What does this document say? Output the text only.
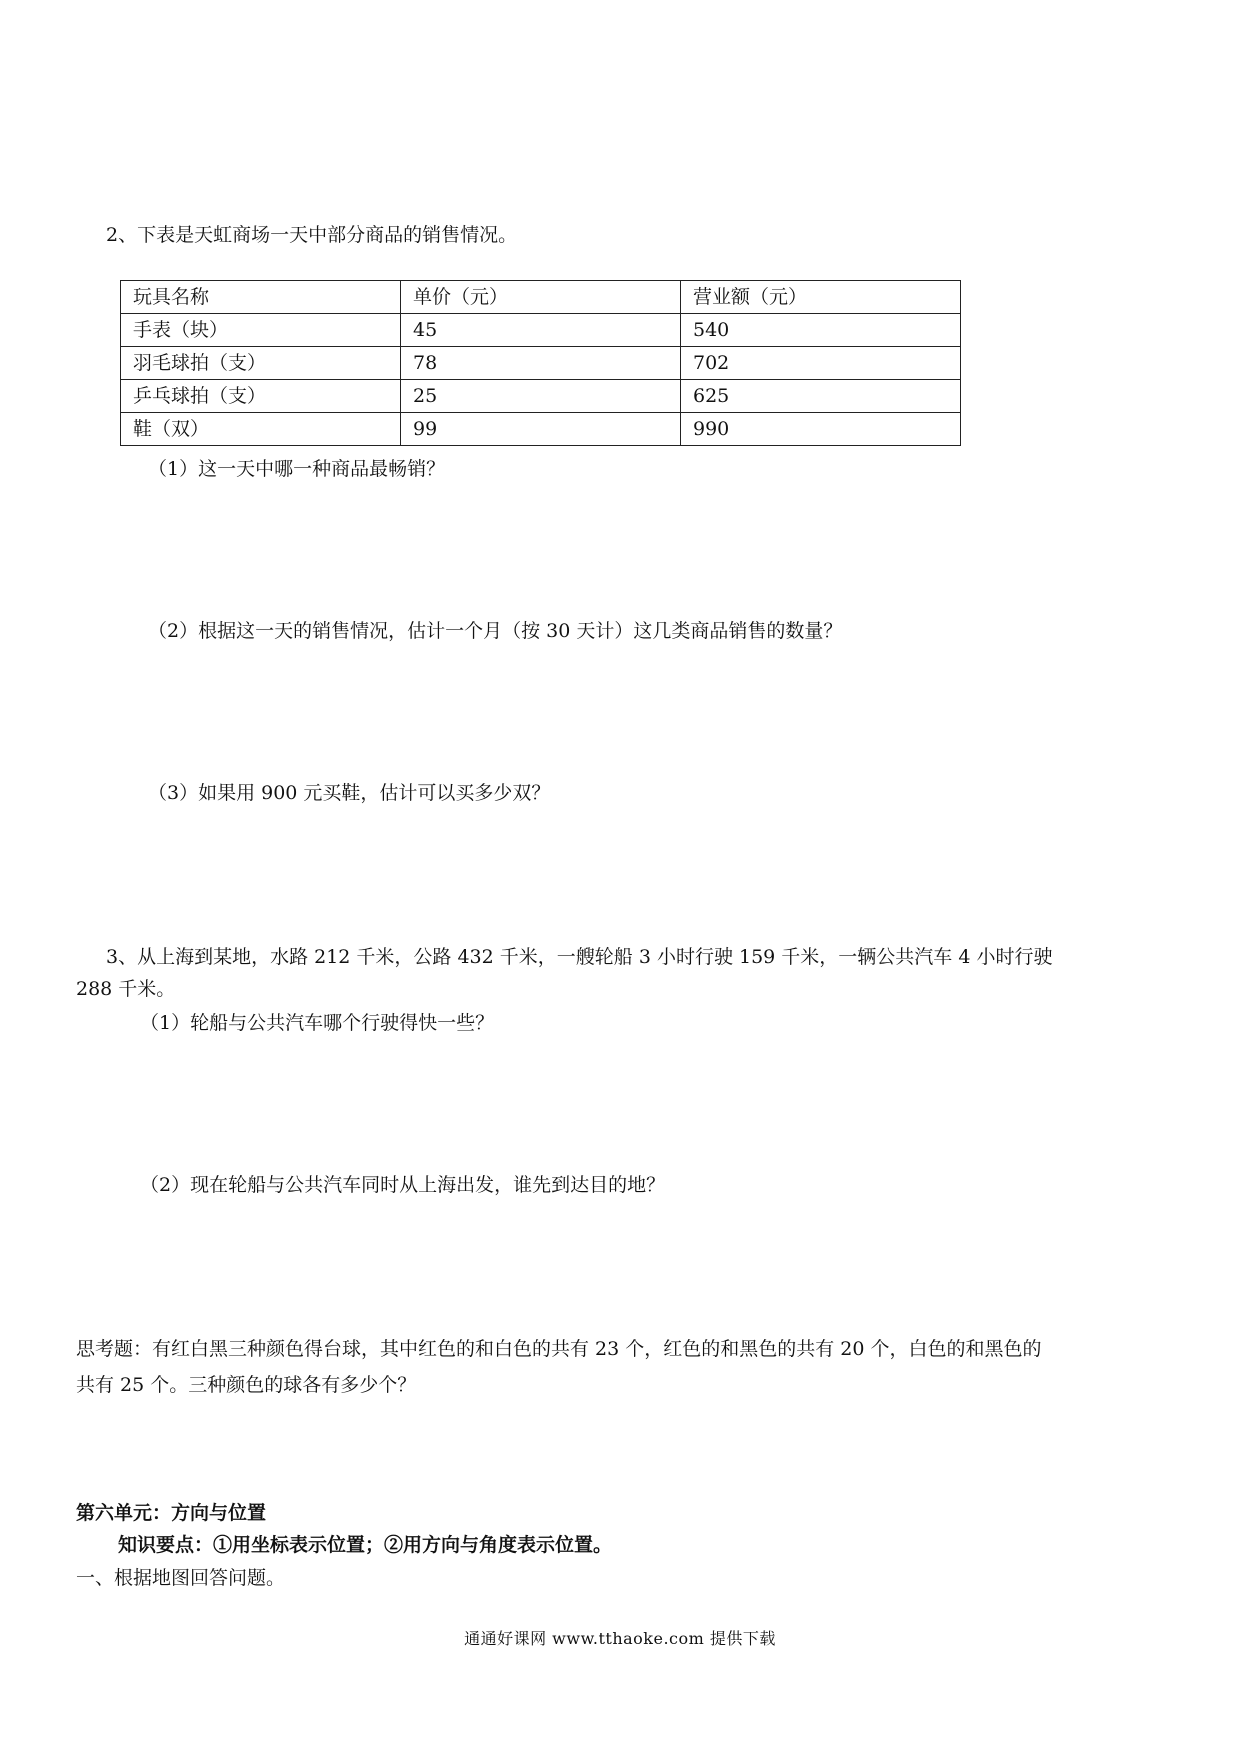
2、下表是天虹商场一天中部分商品的销售情况。
玩具名称	单价（元）	营业额（元）
手表（块）	45	540
羽毛球拍（支）	78	702
乒乓球拍（支）	25	625
鞋（双）	99	990
（1）这一天中哪一种商品最畅销？
（2）根据这一天的销售情况，估计一个月（按 30 天计）这几类商品销售的数量？
（3）如果用 900 元买鞋，估计可以买多少双？
3、从上海到某地，水路 212 千米，公路 432 千米，一艘轮船 3 小时行驶 159 千米，一辆公共汽车 4 小时行驶
288 千米。
（1）轮船与公共汽车哪个行驶得快一些？
（2）现在轮船与公共汽车同时从上海出发，谁先到达目的地？
思考题：有红白黑三种颜色得台球，其中红色的和白色的共有 23 个，红色的和黑色的共有 20 个，白色的和黑色的
共有 25 个。三种颜色的球各有多少个？
第六单元：方向与位置
知识要点：①用坐标表示位置；②用方向与角度表示位置。
一、根据地图回答问题。
通通好课网 www.tthaoke.com 提供下载
